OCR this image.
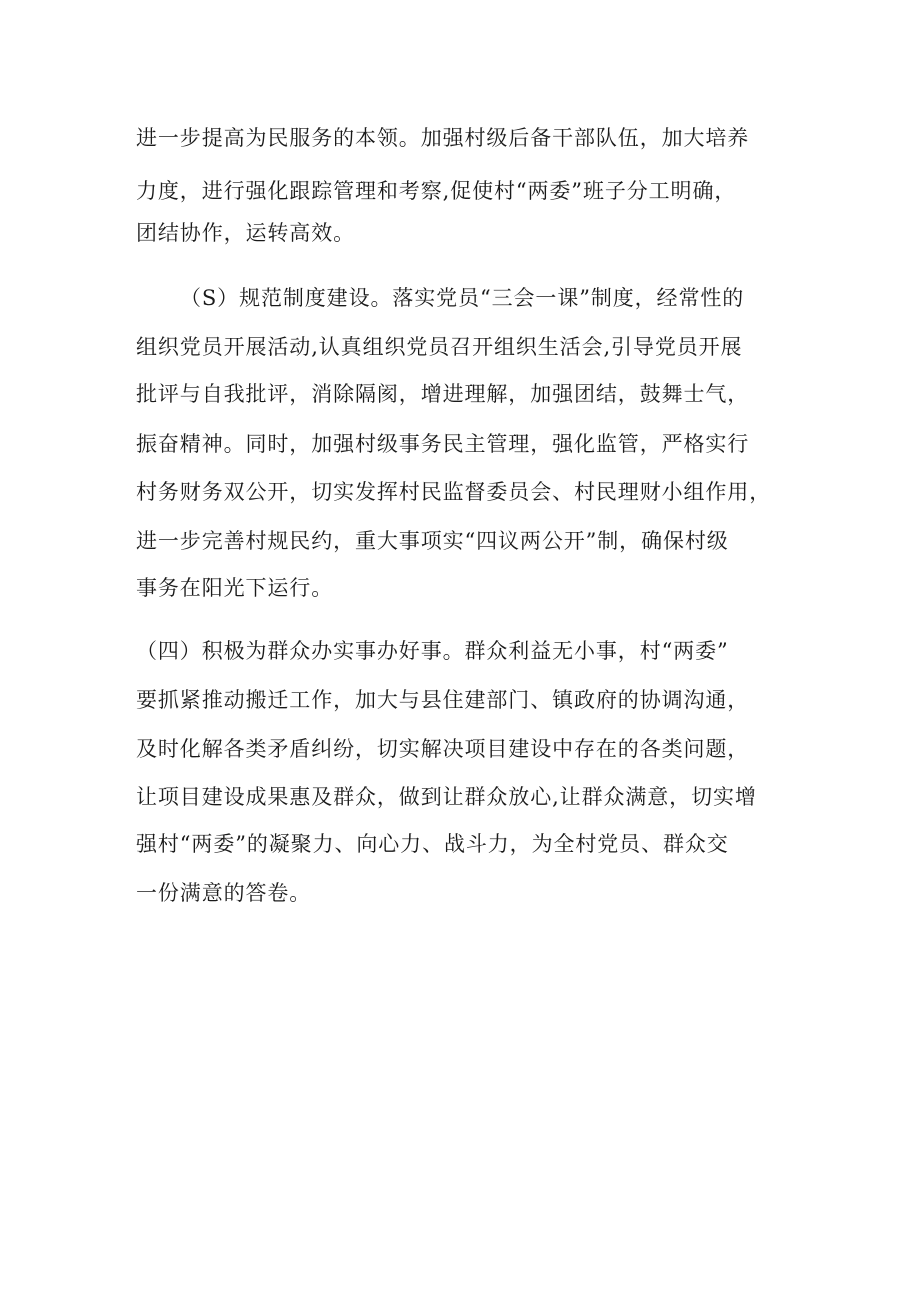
进一步提高为民服务的本领。加强村级后备干部队伍，加大培养
力度，进行强化跟踪管理和考察,促使村“两委”班子分工明确，
团结协作，运转高效。
（S）规范制度建设。落实党员“三会一课”制度，经常性的
组织党员开展活动,认真组织党员召开组织生活会,引导党员开展
批评与自我批评，消除隔阂，增进理解，加强团结，鼓舞士气，
振奋精神。同时，加强村级事务民主管理，强化监管，严格实行
村务财务双公开，切实发挥村民监督委员会、村民理财小组作用，
进一步完善村规民约，重大事项实“四议两公开”制，确保村级
事务在阳光下运行。
（四）积极为群众办实事办好事。群众利益无小事，村“两委”
要抓紧推动搬迁工作，加大与县住建部门、镇政府的协调沟通，
及时化解各类矛盾纠纷，切实解决项目建设中存在的各类问题，
让项目建设成果惠及群众，做到让群众放心,让群众满意，切实增
强村“两委”的凝聚力、向心力、战斗力，为全村党员、群众交
一份满意的答卷。
